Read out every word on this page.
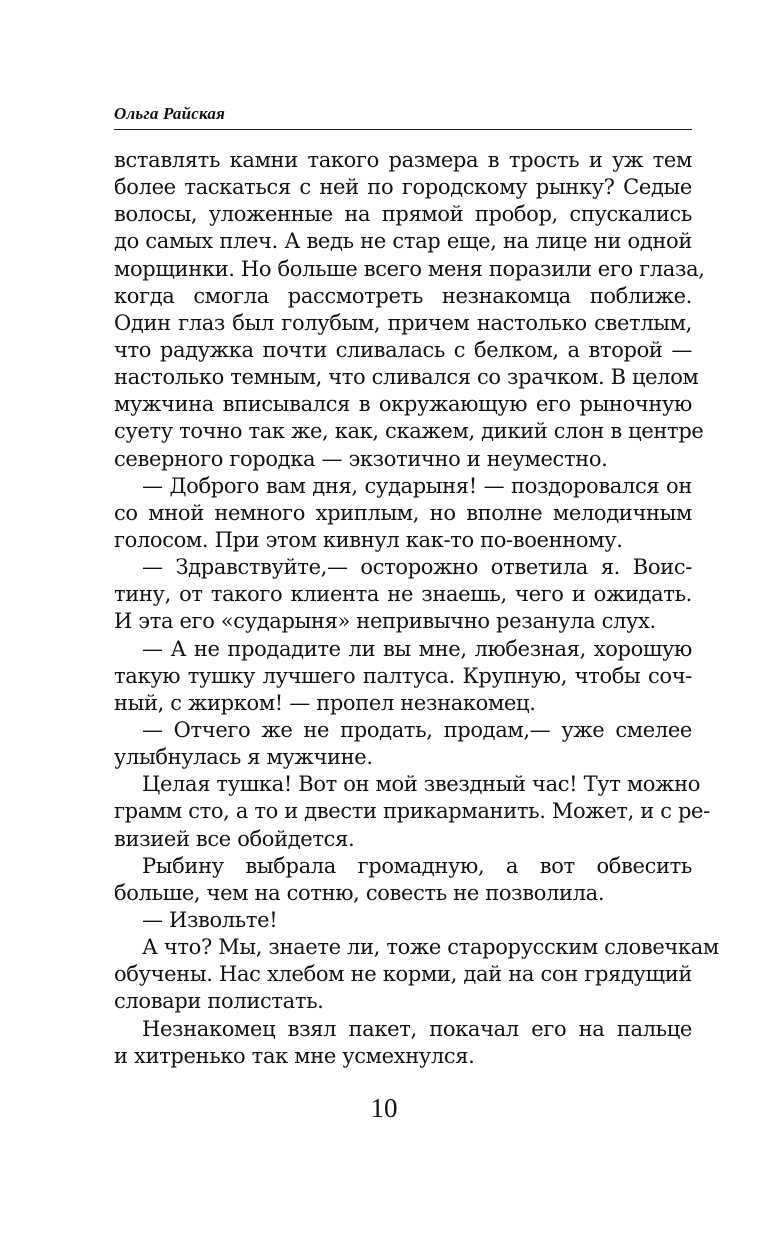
Ольга Райская
вставлять камни такого размера в трость и уж тем
более таскаться с ней по городскому рынку? Седые
волосы, уложенные на прямой пробор, спускались
до самых плеч. А ведь не стар еще, на лице ни одной
морщинки. Но больше всего меня поразили его глаза,
когда смогла рассмотреть незнакомца поближе.
Один глаз был голубым, причем настолько светлым,
что радужка почти сливалась с белком, а второй —
настолько темным, что сливался со зрачком. В целом
мужчина вписывался в окружающую его рыночную
суету точно так же, как, скажем, дикий слон в центре
северного городка — экзотично и неуместно.
— Доброго вам дня, сударыня! — поздоровался он
со мной немного хриплым, но вполне мелодичным
голосом. При этом кивнул как-то по-военному.
— Здравствуйте,— осторожно ответила я. Воис-
тину, от такого клиента не знаешь, чего и ожидать.
И эта его «сударыня» непривычно резанула слух.
— А не продадите ли вы мне, любезная, хорошую
такую тушку лучшего палтуса. Крупную, чтобы соч-
ный, с жирком! — пропел незнакомец.
— Отчего же не продать, продам,— уже смелее
улыбнулась я мужчине.
Целая тушка! Вот он мой звездный час! Тут можно
грамм сто, а то и двести прикарманить. Может, и с ре-
визией все обойдется.
Рыбину выбрала громадную, а вот обвесить
больше, чем на сотню, совесть не позволила.
— Извольте!
А что? Мы, знаете ли, тоже старорусским словечкам
обучены. Нас хлебом не корми, дай на сон грядущий
словари полистать.
Незнакомец взял пакет, покачал его на пальце
и хитренько так мне усмехнулся.
10
